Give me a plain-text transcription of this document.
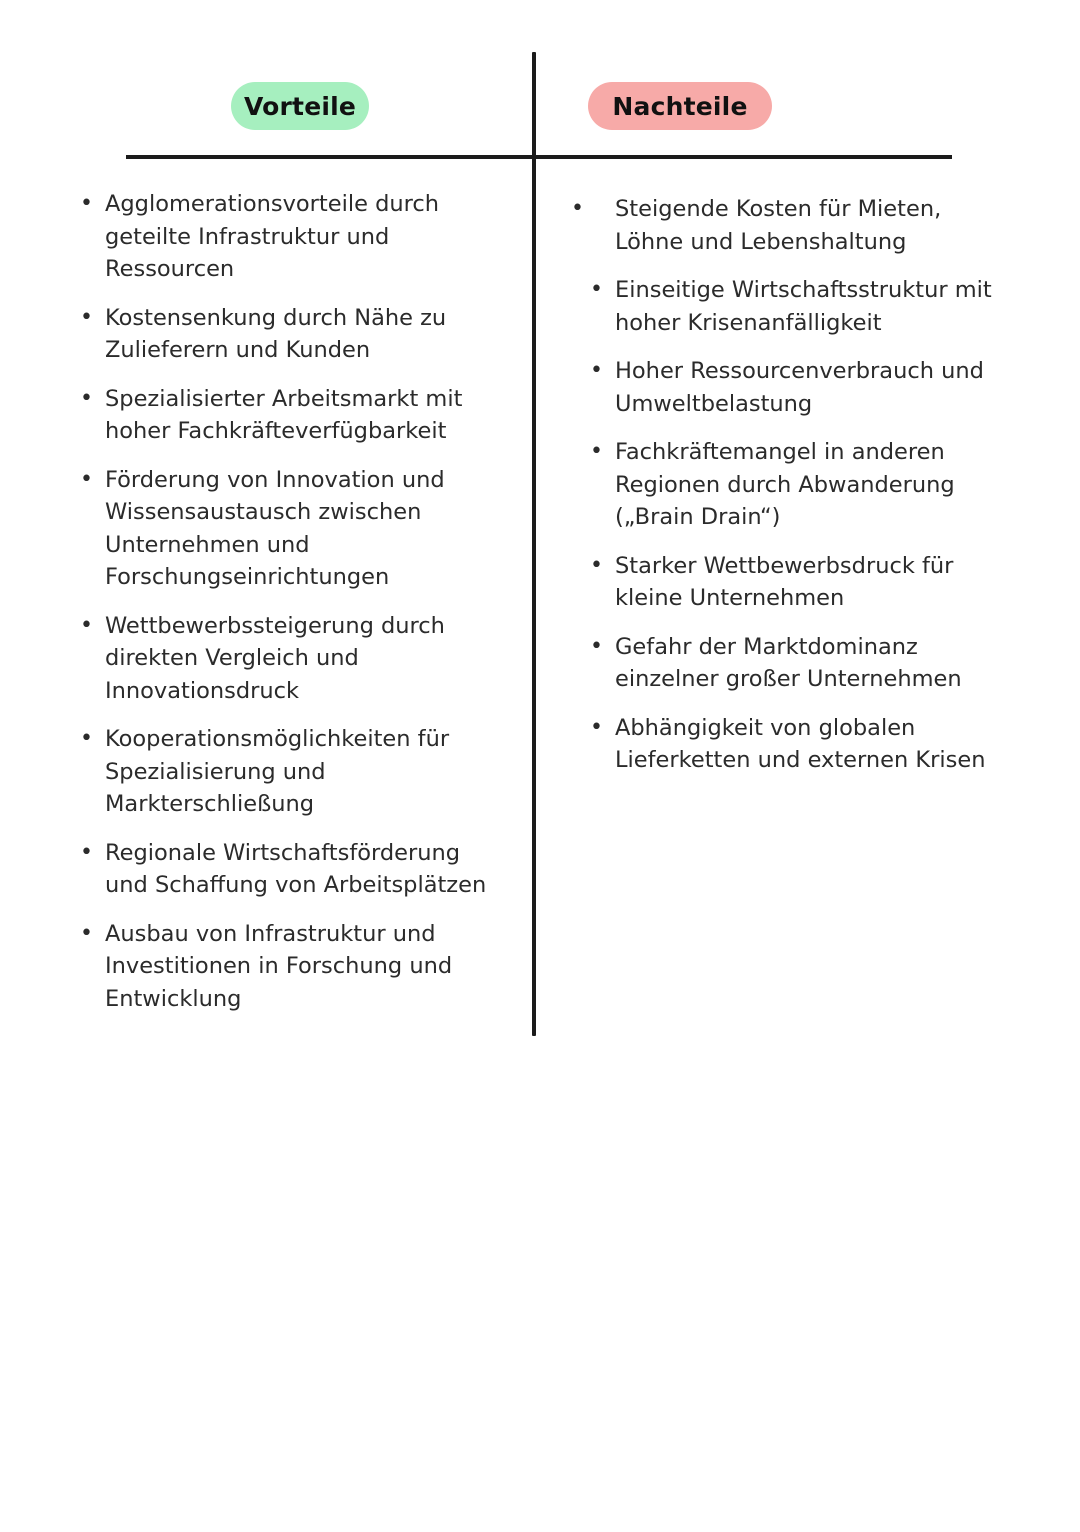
Vorteile	Nachteile
• Agglomerationsvorteile durch geteilte Infrastruktur und Ressourcen
• Kostensenkung durch Nähe zu Zulieferern und Kunden
• Spezialisierter Arbeitsmarkt mit hoher Fachkräfteverfügbarkeit
• Förderung von Innovation und Wissensaustausch zwischen Unternehmen und Forschungseinrichtungen
• Wettbewerbssteigerung durch direkten Vergleich und Innovationsdruck
• Kooperationsmöglichkeiten für Spezialisierung und Markterschließung
• Regionale Wirtschaftsförderung und Schaffung von Arbeitsplätzen
• Ausbau von Infrastruktur und Investitionen in Forschung und Entwicklung
• Steigende Kosten für Mieten, Löhne und Lebenshaltung
• Einseitige Wirtschaftsstruktur mit hoher Krisenanfälligkeit
• Hoher Ressourcenverbrauch und Umweltbelastung
• Fachkräftemangel in anderen Regionen durch Abwanderung („Brain Drain“)
• Starker Wettbewerbsdruck für kleine Unternehmen
• Gefahr der Marktdominanz einzelner großer Unternehmen
• Abhängigkeit von globalen Lieferketten und externen Krisen
